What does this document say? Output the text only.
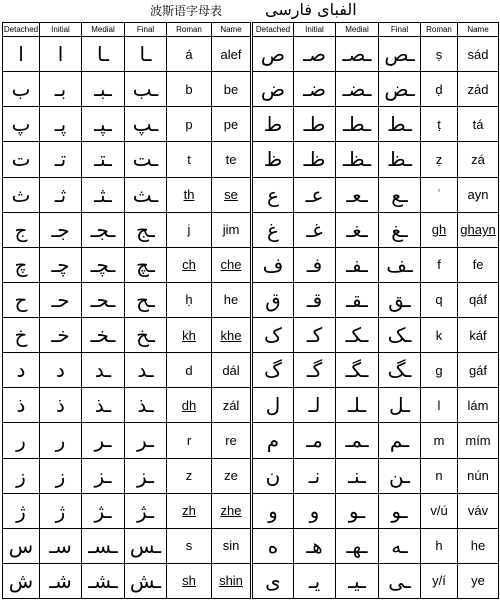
波斯语字母表	الفبای فارسی
Detached	Initial	Medial	Final	Roman	Name	Detached	Initial	Medial	Final	Roman	Name
ا	ا	ـا	ـا	á	alef	ص	صـ	ـصـ	ـص	ṣ	sád
ب	بـ	ـبـ	ـب	b	be	ض	ضـ	ـضـ	ـض	ḍ	zád
پ	پـ	ـپـ	ـپ	p	pe	ط	طـ	ـطـ	ـط	ṭ	tá
ت	تـ	ـتـ	ـت	t	te	ظ	ظـ	ـظـ	ـظ	ẓ	zá
ث	ثـ	ـثـ	ـث	th	se	ع	عـ	ـعـ	ـع	ʿ	ayn
ج	جـ	ـجـ	ـج	j	jim	غ	غـ	ـغـ	ـغ	gh	ghayn
چ	چـ	ـچـ	ـچ	ch	che	ف	فـ	ـفـ	ـف	f	fe
ح	حـ	ـحـ	ـح	ḥ	he	ق	قـ	ـقـ	ـق	q	qáf
خ	خـ	ـخـ	ـخ	kh	khe	ک	کـ	ـکـ	ـک	k	káf
د	د	ـد	ـد	d	dál	گ	گـ	ـگـ	ـگ	g	gáf
ذ	ذ	ـذ	ـذ	dh	zál	ل	لـ	ـلـ	ـل	l	lám
ر	ر	ـر	ـر	r	re	م	مـ	ـمـ	ـم	m	mím
ز	ز	ـز	ـز	z	ze	ن	نـ	ـنـ	ـن	n	nún
ژ	ژ	ـژ	ـژ	zh	zhe	و	و	ـو	ـو	v/ú	váv
س	سـ	ـسـ	ـس	s	sin	ه	هـ	ـهـ	ـه	h	he
ش	شـ	ـشـ	ـش	sh	shin	ی	یـ	ـیـ	ـی	y/í	ye
